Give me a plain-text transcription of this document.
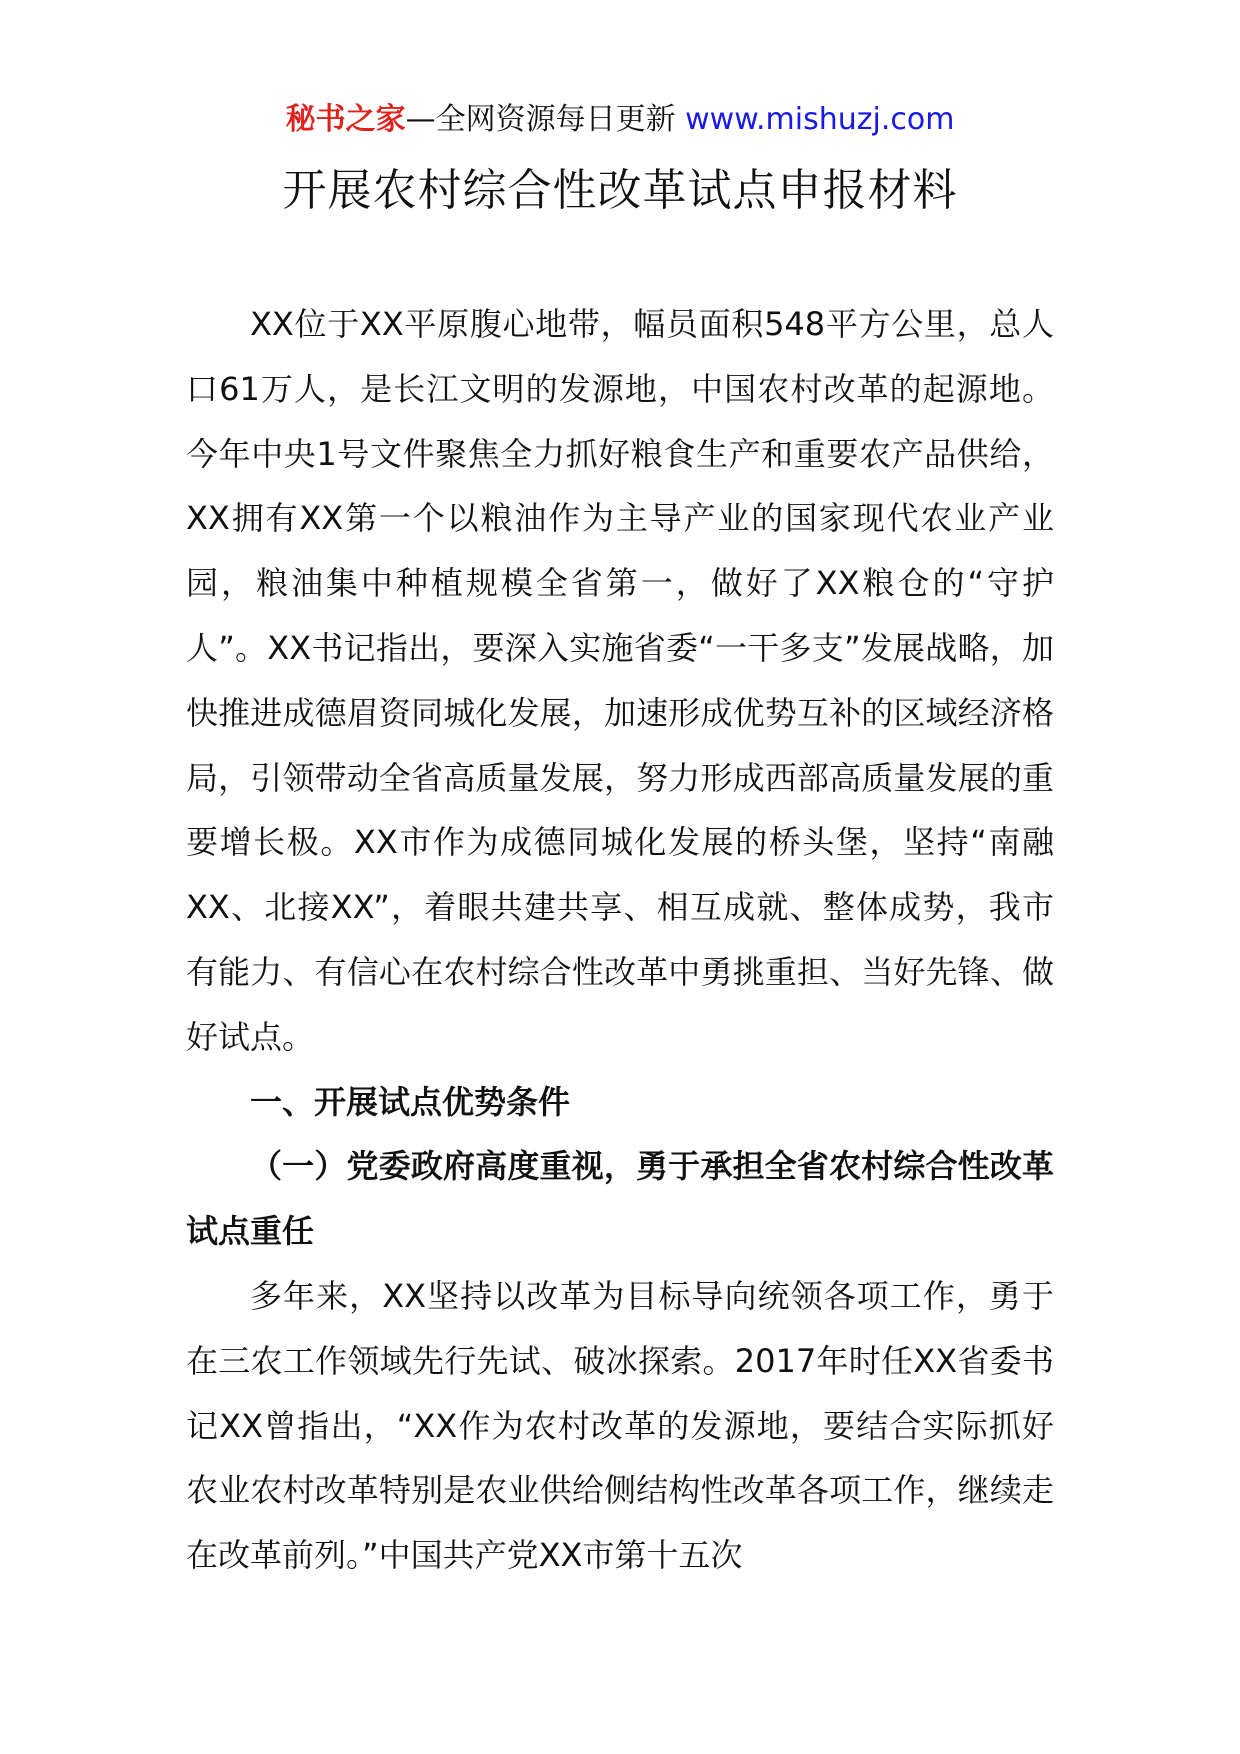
秘书之家—全网资源每日更新 www.mishuzj.com
开展农村综合性改革试点申报材料

XX位于XX平原腹心地带，幅员面积548平方公里，总人口61万人，是长江文明的发源地，中国农村改革的起源地。今年中央1号文件聚焦全力抓好粮食生产和重要农产品供给，XX拥有XX第一个以粮油作为主导产业的国家现代农业产业园，粮油集中种植规模全省第一，做好了XX粮仓的“守护人”。XX书记指出，要深入实施省委“一干多支”发展战略，加快推进成德眉资同城化发展，加速形成优势互补的区域经济格局，引领带动全省高质量发展，努力形成西部高质量发展的重要增长极。XX市作为成德同城化发展的桥头堡，坚持“南融XX、北接XX”，着眼共建共享、相互成就、整体成势，我市有能力、有信心在农村综合性改革中勇挑重担、当好先锋、做好试点。

一、开展试点优势条件

（一）党委政府高度重视，勇于承担全省农村综合性改革试点重任

多年来，XX坚持以改革为目标导向统领各项工作，勇于在三农工作领域先行先试、破冰探索。2017年时任XX省委书记XX曾指出，“XX作为农村改革的发源地，要结合实际抓好农业农村改革特别是农业供给侧结构性改革各项工作，继续走在改革前列。”中国共产党XX市第十五次
